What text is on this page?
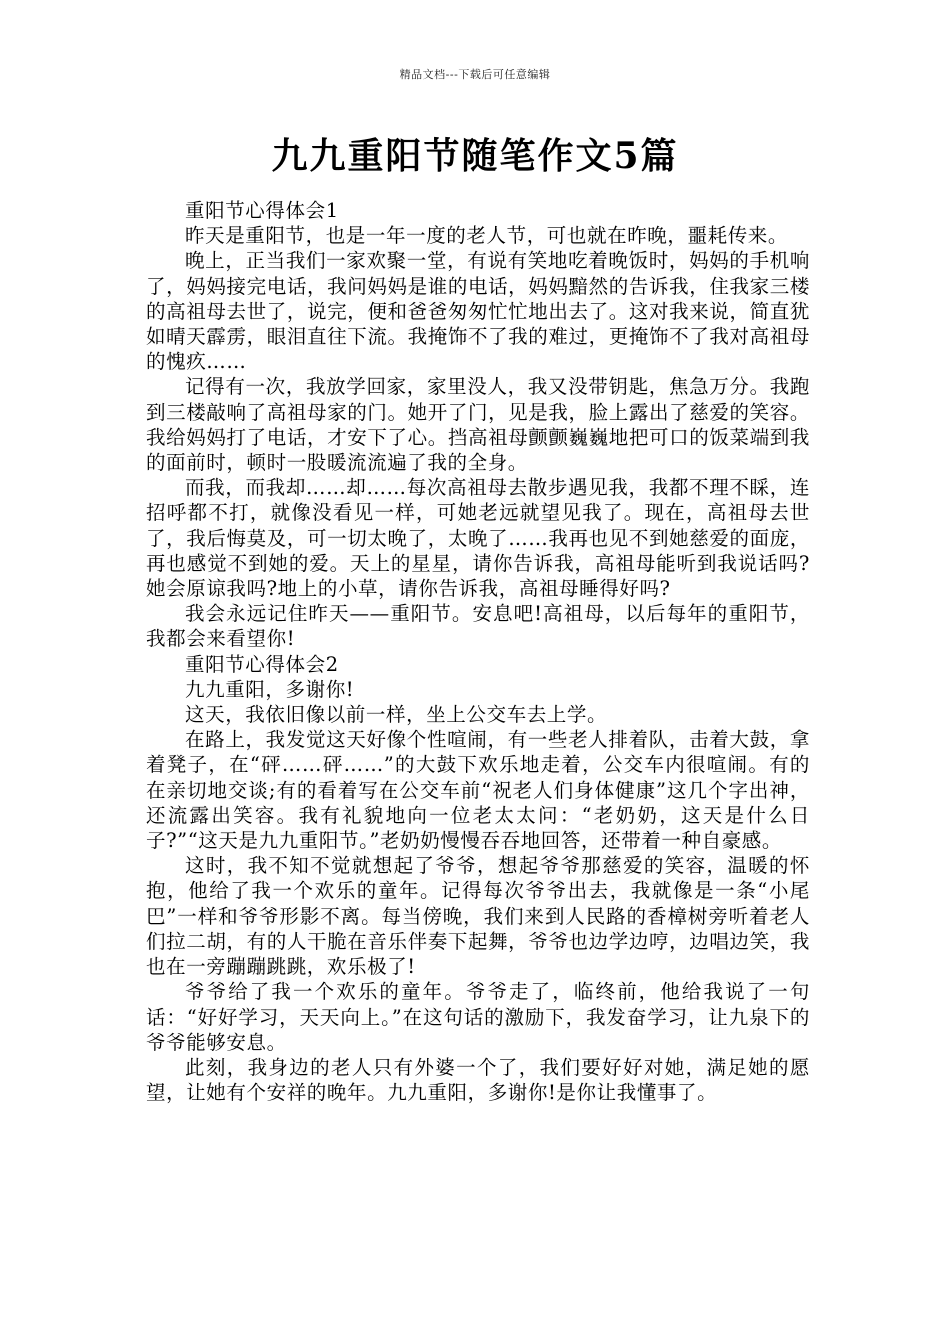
精品文档---下载后可任意编辑
九九重阳节随笔作文5篇

重阳节心得体会1

昨天是重阳节，也是一年一度的老人节，可也就在昨晚，噩耗传来。

晚上，正当我们一家欢聚一堂，有说有笑地吃着晚饭时，妈妈的手机响了，妈妈接完电话，我问妈妈是谁的电话，妈妈黯然的告诉我，住我家三楼的高祖母去世了，说完，便和爸爸匆匆忙忙地出去了。这对我来说，简直犹如晴天霹雳，眼泪直往下流。我掩饰不了我的难过，更掩饰不了我对高祖母的愧疚……

记得有一次，我放学回家，家里没人，我又没带钥匙，焦急万分。我跑到三楼敲响了高祖母家的门。她开了门，见是我，脸上露出了慈爱的笑容。我给妈妈打了电话，才安下了心。挡高祖母颤颤巍巍地把可口的饭菜端到我的面前时，顿时一股暖流流遍了我的全身。

而我，而我却……却……每次高祖母去散步遇见我，我都不理不睬，连招呼都不打，就像没看见一样，可她老远就望见我了。现在，高祖母去世了，我后悔莫及，可一切太晚了，太晚了……我再也见不到她慈爱的面庞，再也感觉不到她的爱。天上的星星，请你告诉我，高祖母能听到我说话吗?她会原谅我吗?地上的小草，请你告诉我，高祖母睡得好吗?

我会永远记住昨天——重阳节。安息吧!高祖母，以后每年的重阳节，我都会来看望你!

重阳节心得体会2

九九重阳，多谢你!

这天，我依旧像以前一样，坐上公交车去上学。

在路上，我发觉这天好像个性喧闹，有一些老人排着队，击着大鼓，拿着凳子，在“砰……砰……”的大鼓下欢乐地走着，公交车内很喧闹。有的在亲切地交谈;有的看着写在公交车前“祝老人们身体健康”这几个字出神，还流露出笑容。我有礼貌地向一位老太太问：“老奶奶，这天是什么日子?”“这天是九九重阳节。”老奶奶慢慢吞吞地回答，还带着一种自豪感。

这时，我不知不觉就想起了爷爷，想起爷爷那慈爱的笑容，温暖的怀抱，他给了我一个欢乐的童年。记得每次爷爷出去，我就像是一条“小尾巴”一样和爷爷形影不离。每当傍晚，我们来到人民路的香樟树旁听着老人们拉二胡，有的人干脆在音乐伴奏下起舞，爷爷也边学边哼，边唱边笑，我也在一旁蹦蹦跳跳，欢乐极了!

爷爷给了我一个欢乐的童年。爷爷走了，临终前，他给我说了一句话：“好好学习，天天向上。”在这句话的激励下，我发奋学习，让九泉下的爷爷能够安息。

此刻，我身边的老人只有外婆一个了，我们要好好对她，满足她的愿望，让她有个安祥的晚年。九九重阳，多谢你!是你让我懂事了。
